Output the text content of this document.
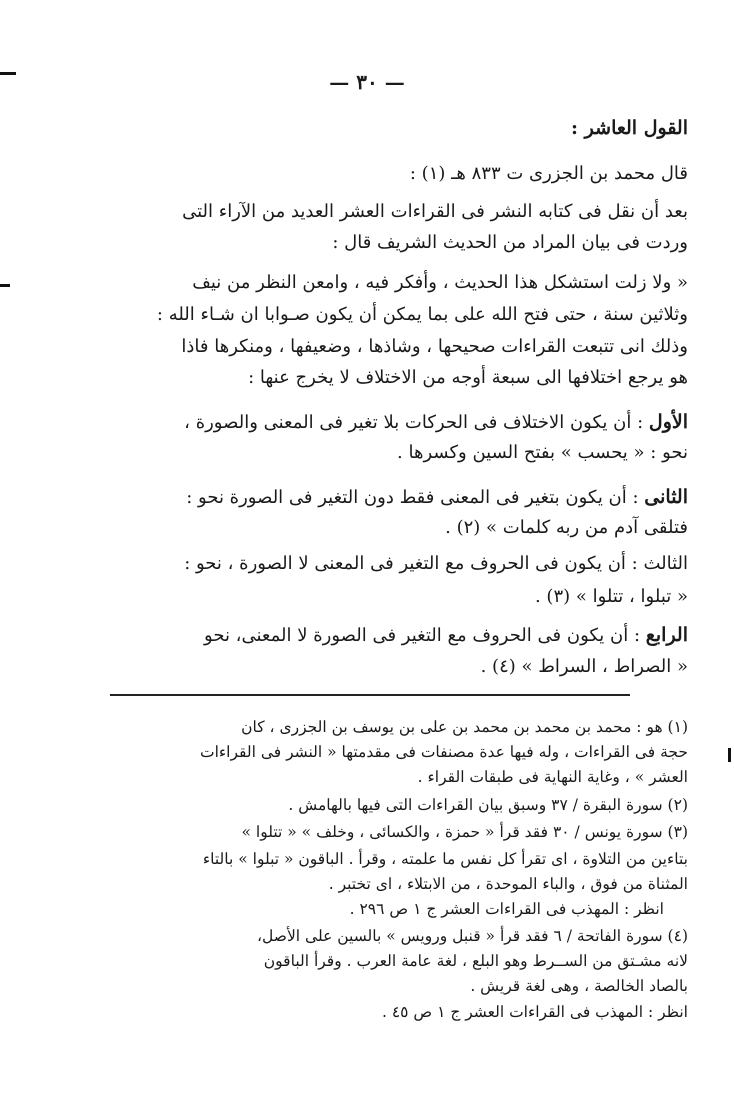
— ٣٠ —
القول العاشر :
قال محمد بن الجزرى ت ٨٣٣ هـ (١) :
بعد أن نقل فى كتابه النشر فى القراءات العشر العديد من الآراء التى
وردت فى بيان المراد من الحديث الشريف قال :
« ولا زلت استشكل هذا الحديث ، وأفكر فيه ، وامعن النظر من نيف
وثلاثين سنة ، حتى فتح الله على بما يمكن أن يكون صـوابا ان شـاء الله :
وذلك انى تتبعت القراءات صحيحها ، وشاذها ، وضعيفها ، ومنكرها فاذا
هو يرجع اختلافها الى سبعة أوجه من الاختلاف لا يخرج عنها :
الأول : أن يكون الاختلاف فى الحركات بلا تغير فى المعنى والصورة ،
نحو : « يحسب » بفتح السين وكسرها .
الثانى : أن يكون بتغير فى المعنى فقط دون التغير فى الصورة نحو :
فتلقى آدم من ربه كلمات » (٢) .
الثالث : أن يكون فى الحروف مع التغير فى المعنى لا الصورة ، نحو :
« تبلوا ، تتلوا » (٣) .
الرابع : أن يكون فى الحروف مع التغير فى الصورة لا المعنى، نحو
« الصراط ، السراط » (٤) .
(١) هو : محمد بن محمد بن محمد بن على بن يوسف بن الجزرى ، كان
حجة فى القراءات ، وله فيها عدة مصنفات فى مقدمتها « النشر فى القراءات
العشر » ، وغاية النهاية فى طبقات القراء .
(٢) سورة البقرة / ٣٧ وسبق بيان القراءات التى فيها بالهامش .
(٣) سورة يونس / ٣٠ فقد قرأ « حمزة ، والكسائى ، وخلف » « تتلوا »
بتاءين من التلاوة ، اى تقرأ كل نفس ما علمته ، وقرأ . الباقون « تبلوا » بالتاء
المثناة من فوق ، والباء الموحدة ، من الابتلاء ، اى تختبر .
انظر : المهذب فى القراءات العشر ج ١ ص ٢٩٦ .
(٤) سورة الفاتحة / ٦ فقد قرأ « قنبل ورويس » بالسين على الأصل،
لانه مشـتق من الســرط وهو البلع ، لغة عامة العرب . وقرأ الباقون
بالصاد الخالصة ، وهى لغة قريش .
انظر : المهذب فى القراءات العشر ج ١ ص ٤٥ .
